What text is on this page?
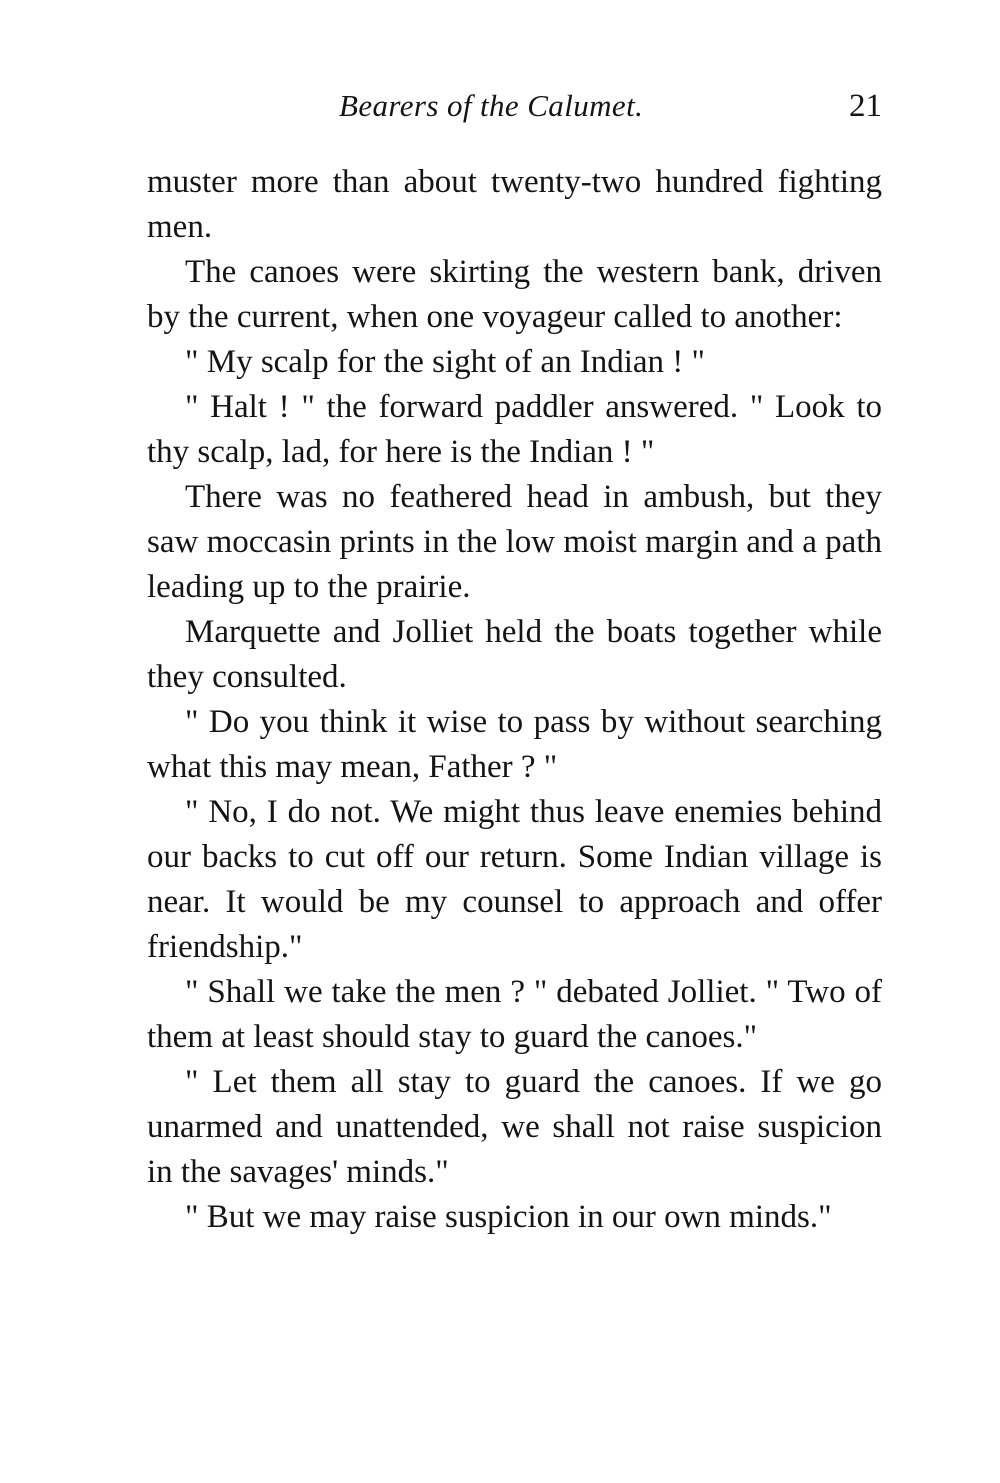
Bearers of the Calumet.	21

muster more than about twenty-two hundred fighting men.

The canoes were skirting the western bank, driven by the current, when one voyageur called to another:

" My scalp for the sight of an Indian ! "

" Halt ! " the forward paddler answered. " Look to thy scalp, lad, for here is the Indian ! "

There was no feathered head in ambush, but they saw moccasin prints in the low moist margin and a path leading up to the prairie.

Marquette and Jolliet held the boats together while they consulted.

" Do you think it wise to pass by without searching what this may mean, Father ? "

" No, I do not. We might thus leave enemies behind our backs to cut off our return. Some Indian village is near. It would be my counsel to approach and offer friendship."

" Shall we take the men ? " debated Jolliet. " Two of them at least should stay to guard the canoes."

" Let them all stay to guard the canoes. If we go unarmed and unattended, we shall not raise suspicion in the savages' minds."

" But we may raise suspicion in our own minds."
